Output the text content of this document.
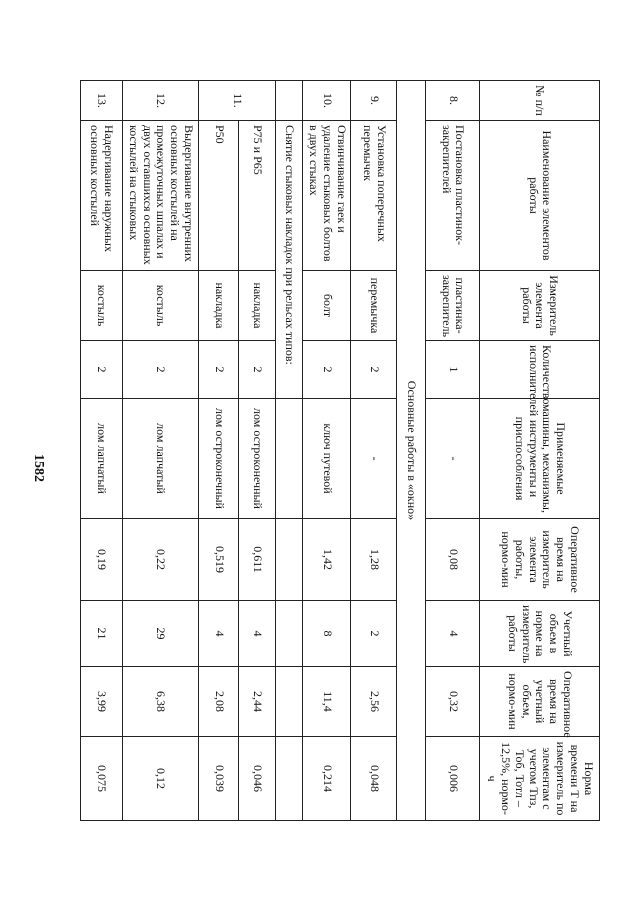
1582
№ п/п	Наименование элементов работы	Измеритель элемента работы	Количество исполнителей	Применяемые машины, механизмы, инструменты и приспособления	Оперативное время на измеритель элемента работы, нормо-мин	Учетный объем в норме на измеритель работы	Оперативное время на учетный объем, нормо-мин	Норма времени Т на измеритель по элементам с учетом Тпз, Тоб, Тотл – 12,5%, нормо-ч
8.	Постановка пластинок-закрепителей	пластинка-закрепитель	1	-	0,08	4	0,32	0,006
Основные работы в «окно»								
9.	Установка поперечных перемычек	перемычка	2	-	1,28	2	2,56	0,048
10.	Отвинчивание гаек и удаление стыковых болтов в двух стыках	болт	2	ключ путевой	1,42	8	11,4	0,214
	Снятие стыковых накладок при рельсах типов:							
11.	Р75 и Р65	накладка	2	лом остроконечный	0,611	4	2,44	0,046
	Р50	накладка	2	лом остроконечный	0,519	4	2,08	0,039
12.	Выдергивание внутренних основных костылей на промежуточных шпалах и двух оставшихся основных костылей на стыковых	костыль	2	лом лапчатый	0,22	29	6,38	0,12
13.	Надергивание наружных основных костылей	костыль	2	лом лапчатый	0,19	21	3,99	0,075
